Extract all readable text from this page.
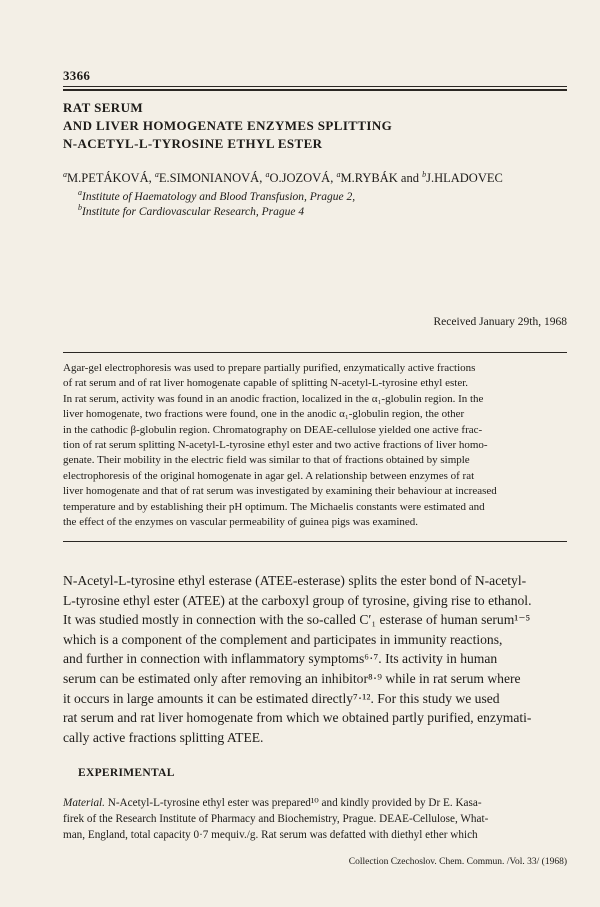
3366
RAT SERUM
AND LIVER HOMOGENATE ENZYMES SPLITTING
N-ACETYL-L-TYROSINE ETHYL ESTER
$^a$M.PETÁKOVÁ, $^a$E.SIMONIANOVÁ, $^a$O.JOZOVÁ, $^a$M.RYBÁK and $^b$J.HLADOVEC
$^a$Institute of Haematology and Blood Transfusion, Prague 2,
$^b$Institute for Cardiovascular Research, Prague 4
Received January 29th, 1968
Agar-gel electrophoresis was used to prepare partially purified, enzymatically active fractions
of rat serum and of rat liver homogenate capable of splitting N-acetyl-L-tyrosine ethyl ester.
In rat serum, activity was found in an anodic fraction, localized in the α₁-globulin region. In the
liver homogenate, two fractions were found, one in the anodic α₁-globulin region, the other
in the cathodic β-globulin region. Chromatography on DEAE-cellulose yielded one active frac-
tion of rat serum splitting N-acetyl-L-tyrosine ethyl ester and two active fractions of liver homo-
genate. Their mobility in the electric field was similar to that of fractions obtained by simple
electrophoresis of the original homogenate in agar gel. A relationship between enzymes of rat
liver homogenate and that of rat serum was investigated by examining their behaviour at increased
temperature and by establishing their pH optimum. The Michaelis constants were estimated and
the effect of the enzymes on vascular permeability of guinea pigs was examined.
N-Acetyl-L-tyrosine ethyl esterase (ATEE-esterase) splits the ester bond of N-acetyl-
L-tyrosine ethyl ester (ATEE) at the carboxyl group of tyrosine, giving rise to ethanol.
It was studied mostly in connection with the so-called C′₁ esterase of human serum¹⁻⁵
which is a component of the complement and participates in immunity reactions,
and further in connection with inflammatory symptoms⁶·⁷. Its activity in human
serum can be estimated only after removing an inhibitor⁸·⁹ while in rat serum where
it occurs in large amounts it can be estimated directly⁷·¹². For this study we used
rat serum and rat liver homogenate from which we obtained partly purified, enzymati-
cally active fractions splitting ATEE.
EXPERIMENTAL
Material. N-Acetyl-L-tyrosine ethyl ester was prepared¹⁰ and kindly provided by Dr E. Kasa-
firek of the Research Institute of Pharmacy and Biochemistry, Prague. DEAE-Cellulose, What-
man, England, total capacity 0·7 mequiv./g. Rat serum was defatted with diethyl ether which
Collection Czechoslov. Chem. Commun. /Vol. 33/ (1968)
